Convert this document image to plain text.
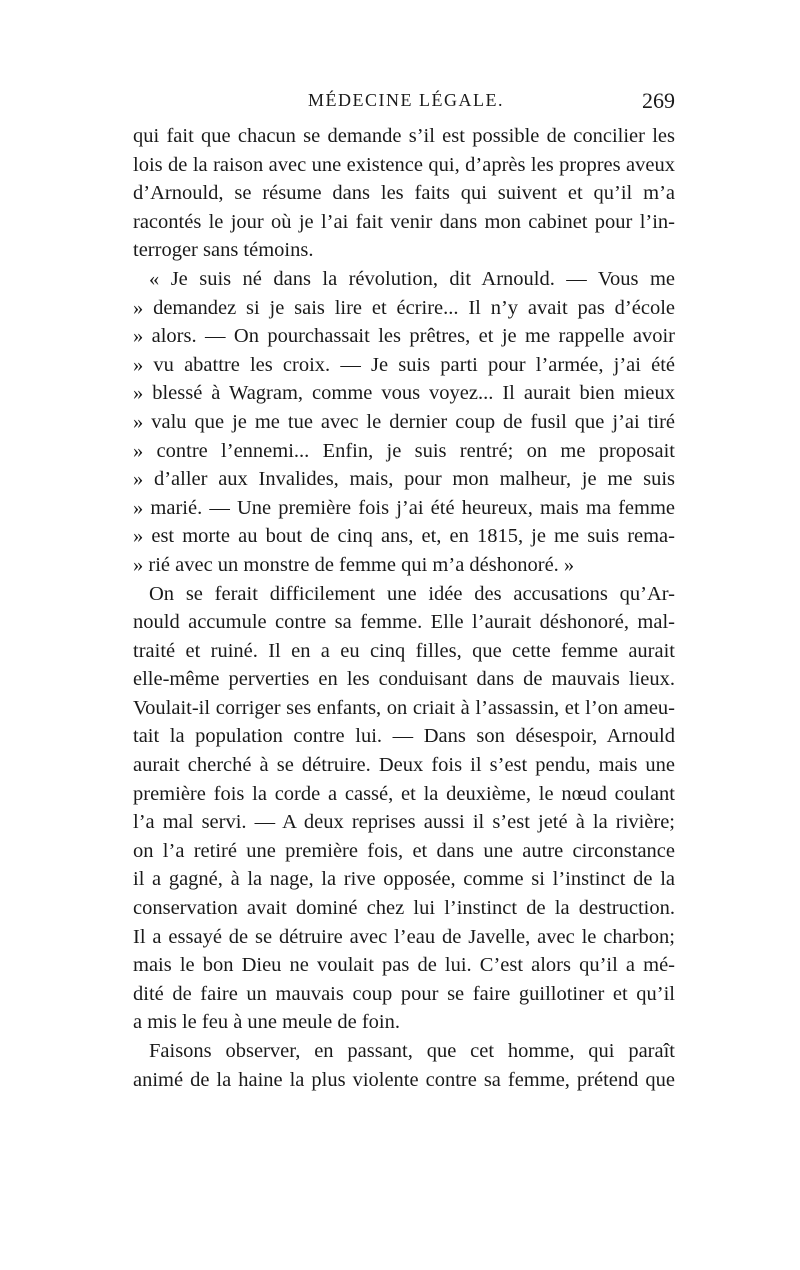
MÉDECINE LÉGALE.	269
qui fait que chacun se demande s’il est possible de concilier les
lois de la raison avec une existence qui, d’après les propres aveux
d’Arnould, se résume dans les faits qui suivent et qu’il m’a
racontés le jour où je l’ai fait venir dans mon cabinet pour l’in-
terroger sans témoins.
« Je suis né dans la révolution, dit Arnould. — Vous me
» demandez si je sais lire et écrire... Il n’y avait pas d’école
» alors. — On pourchassait les prêtres, et je me rappelle avoir
» vu abattre les croix. — Je suis parti pour l’armée, j’ai été
» blessé à Wagram, comme vous voyez... Il aurait bien mieux
» valu que je me tue avec le dernier coup de fusil que j’ai tiré
» contre l’ennemi... Enfin, je suis rentré; on me proposait
» d’aller aux Invalides, mais, pour mon malheur, je me suis
» marié. — Une première fois j’ai été heureux, mais ma femme
» est morte au bout de cinq ans, et, en 1815, je me suis rema-
» rié avec un monstre de femme qui m’a déshonoré. »
On se ferait difficilement une idée des accusations qu’Ar-
nould accumule contre sa femme. Elle l’aurait déshonoré, mal-
traité et ruiné. Il en a eu cinq filles, que cette femme aurait
elle-même perverties en les conduisant dans de mauvais lieux.
Voulait-il corriger ses enfants, on criait à l’assassin, et l’on ameu-
tait la population contre lui. — Dans son désespoir, Arnould
aurait cherché à se détruire. Deux fois il s’est pendu, mais une
première fois la corde a cassé, et la deuxième, le nœud coulant
l’a mal servi. — A deux reprises aussi il s’est jeté à la rivière;
on l’a retiré une première fois, et dans une autre circonstance
il a gagné, à la nage, la rive opposée, comme si l’instinct de la
conservation avait dominé chez lui l’instinct de la destruction.
Il a essayé de se détruire avec l’eau de Javelle, avec le charbon;
mais le bon Dieu ne voulait pas de lui. C’est alors qu’il a mé-
dité de faire un mauvais coup pour se faire guillotiner et qu’il
a mis le feu à une meule de foin.
Faisons observer, en passant, que cet homme, qui paraît
animé de la haine la plus violente contre sa femme, prétend que
